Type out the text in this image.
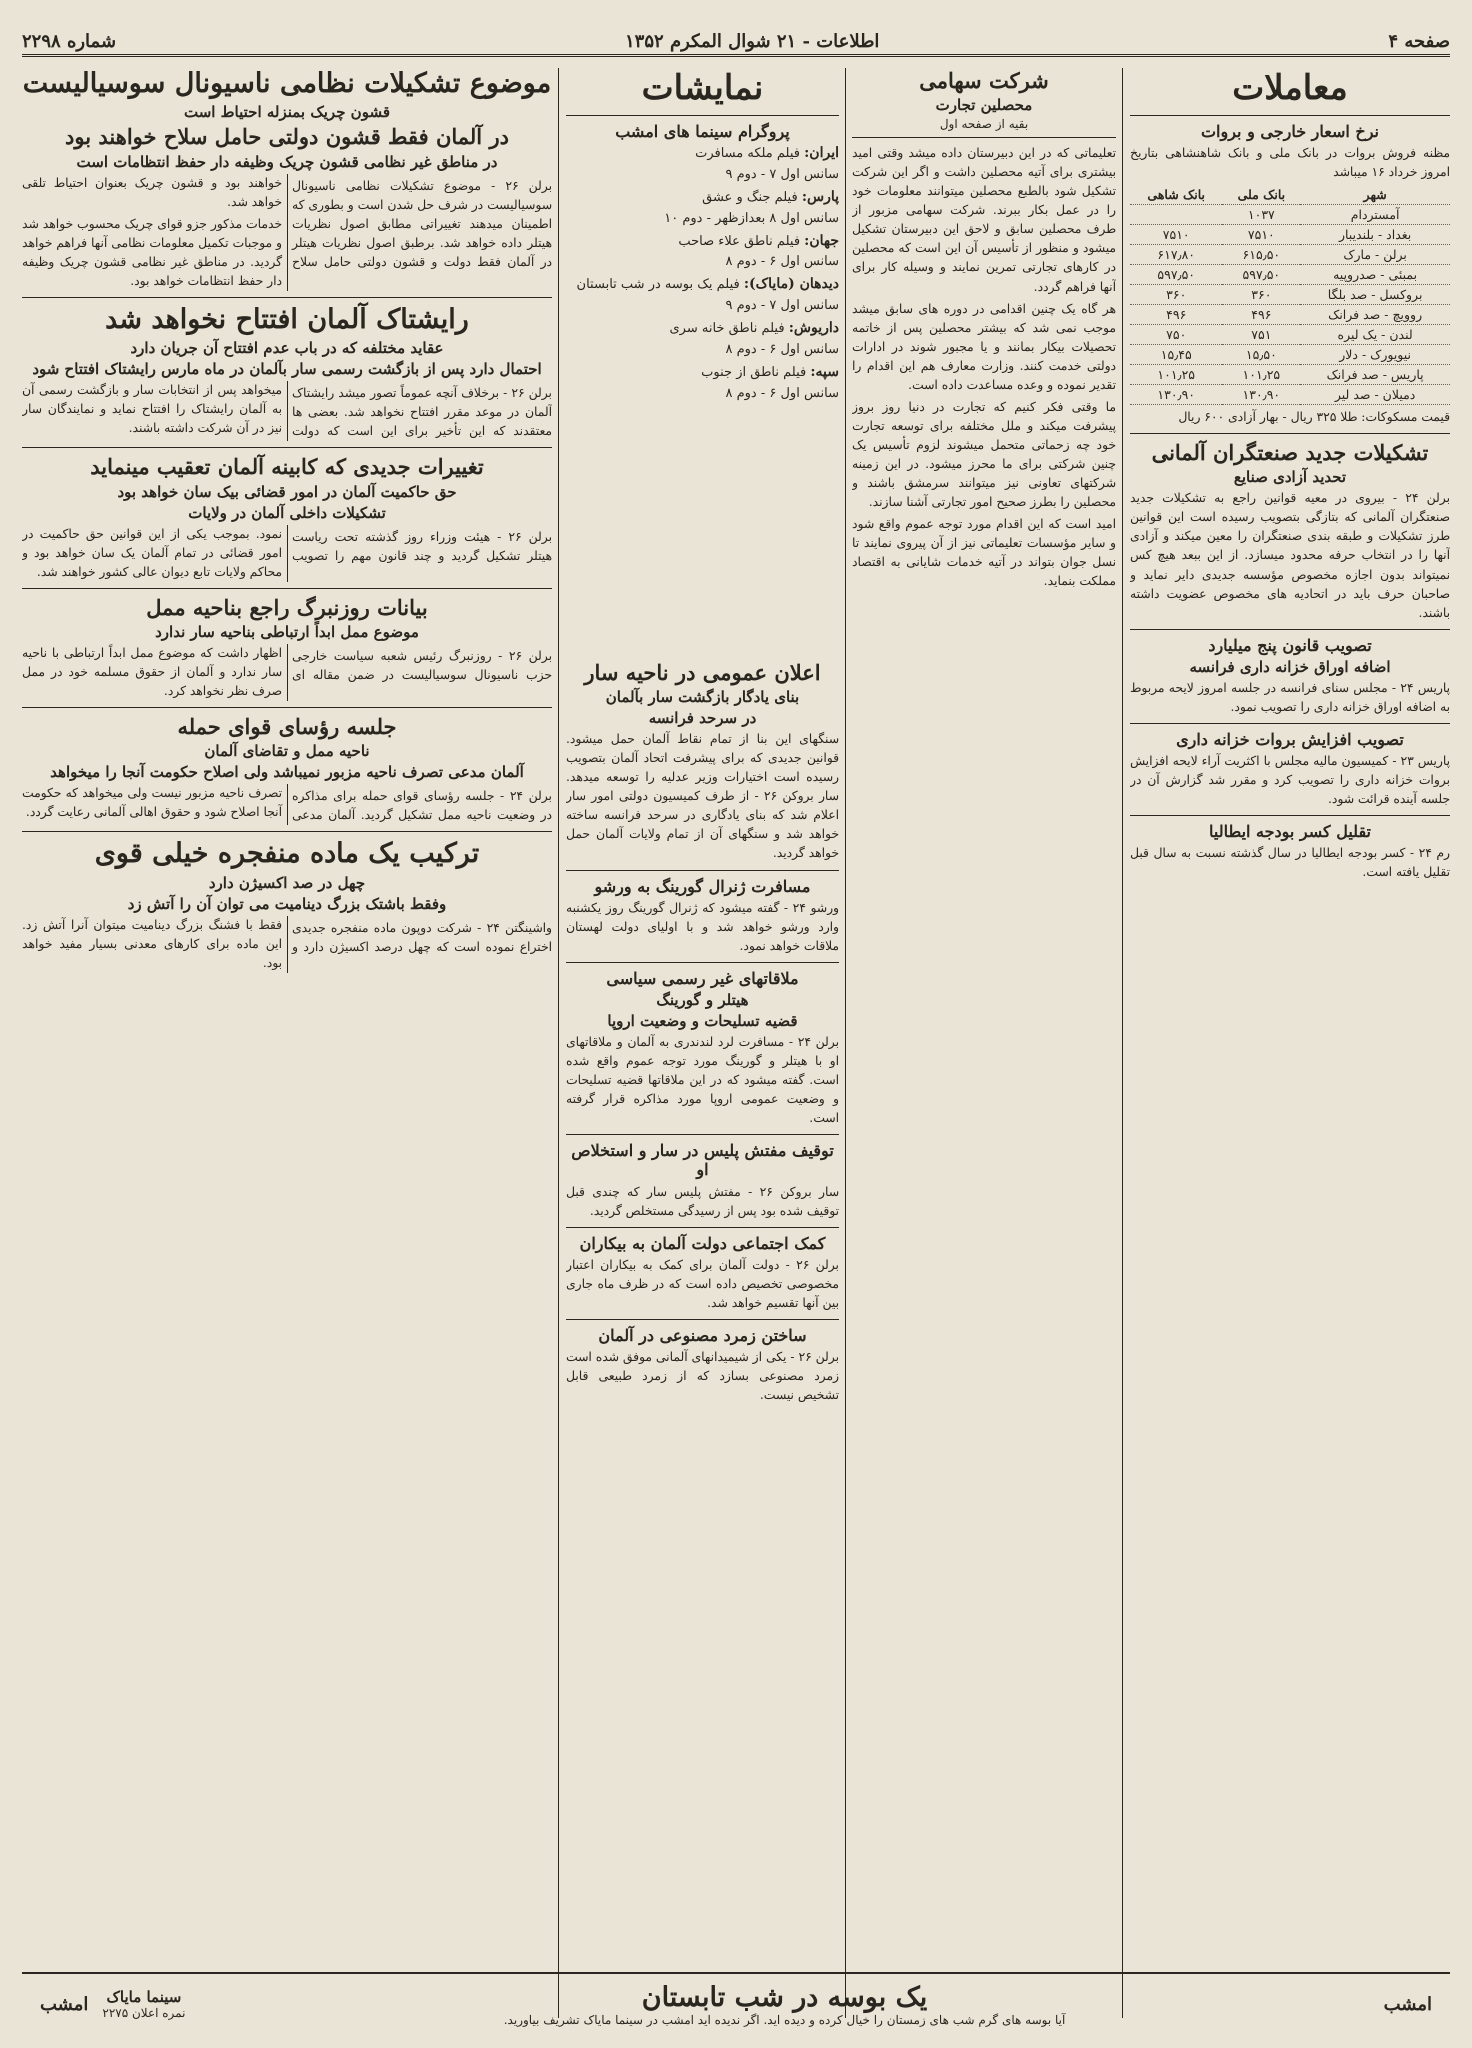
صفحه ۴
اطلاعات - ۲۱ شوال المکرم ۱۳۵۲
شماره ۲۲۹۸
معاملات
نرخ اسعار خارجی و بروات

مظنه فروش بروات در بانک ملی و بانک شاهنشاهی بتاریخ امروز خرداد ۱۶ میباشد

شهر	بانک ملی	بانک شاهی
آمستردام	۱۰۳۷	
بغداد - بلندیبار	۷۵۱۰	۷۵۱۰
برلن - مارک	۶۱۵٫۵۰	۶۱۷٫۸۰
بمبئی - صدروپیه	۵۹۷٫۵۰	۵۹۷٫۵۰
بروکسل - صد بلگا	۳۶۰	۳۶۰
روویچ - صد فرانک	۴۹۶	۴۹۶
لندن - یک لیره	۷۵۱	۷۵۰
نیویورک - دلار	۱۵٫۵۰	۱۵٫۴۵
پاریس - صد فرانک	۱۰۱٫۲۵	۱۰۱٫۲۵
دمیلان - صد لیر	۱۳۰٫۹۰	۱۳۰٫۹۰

قیمت مسکوکات: طلا ۳۲۵ ریال - بهار آزادی ۶۰۰ ریال

تشکیلات جدید صنعتگران آلمانی
تحدید آزادی صنایع

برلن ۲۴ - بیروی در معیه قوانین راجع به تشکیلات جدید صنعتگران آلمانی که بتازگی بتصویب رسیده است این قوانین طرز تشکیلات و طبقه بندی صنعتگران را معین میکند و آزادی آنها را در انتخاب حرفه محدود میسازد. از این ببعد هیچ کس نمیتواند بدون اجازه مخصوص مؤسسه جدیدی دایر نماید و صاحبان حرف باید در اتحادیه های مخصوص عضویت داشته باشند.

تصویب قانون پنج میلیارد
اضافه اوراق خزانه داری فرانسه

پاریس ۲۴ - مجلس سنای فرانسه در جلسه امروز لایحه مربوط به اضافه اوراق خزانه داری را تصویب نمود.

تصویب افزایش بروات خزانه داری

پاریس ۲۳ - کمیسیون مالیه مجلس با اکثریت آراء لایحه افزایش بروات خزانه داری را تصویب کرد و مقرر شد گزارش آن در جلسه آینده قرائت شود.

تقلیل کسر بودجه ایطالیا

رم ۲۴ - کسر بودجه ایطالیا در سال گذشته نسبت به سال قبل تقلیل یافته است.

شرکت سهامی
محصلین تجارت
بقیه از صفحه اول

تعلیماتی که در این دبیرستان داده میشد وقتی امید بیشتری برای آتیه محصلین داشت و اگر این شرکت تشکیل شود بالطبع محصلین میتوانند معلومات خود را در عمل بکار ببرند. شرکت سهامی مزبور از طرف محصلین سابق و لاحق این دبیرستان تشکیل میشود و منظور از تأسیس آن این است که محصلین در کارهای تجارتی تمرین نمایند و وسیله کار برای آنها فراهم گردد.

هر گاه یک چنین اقدامی در دوره های سابق میشد موجب نمی شد که بیشتر محصلین پس از خاتمه تحصیلات بیکار بمانند و یا مجبور شوند در ادارات دولتی خدمت کنند. وزارت معارف هم این اقدام را تقدیر نموده و وعده مساعدت داده است.

ما وقتی فکر کنیم که تجارت در دنیا روز بروز پیشرفت میکند و ملل مختلفه برای توسعه تجارت خود چه زحماتی متحمل میشوند لزوم تأسیس یک چنین شرکتی برای ما محرز میشود. در این زمینه شرکتهای تعاونی نیز میتوانند سرمشق باشند و محصلین را بطرز صحیح امور تجارتی آشنا سازند.

امید است که این اقدام مورد توجه عموم واقع شود و سایر مؤسسات تعلیماتی نیز از آن پیروی نمایند تا نسل جوان بتواند در آتیه خدمات شایانی به اقتصاد مملکت بنماید.

نمایشات
پروگرام سینما های امشب
ایران: فیلم ملکه مسافرت
سانس اول ۷ - دوم ۹
پارس: فیلم جنگ و عشق
سانس اول ۸ بعدازظهر - دوم ۱۰
جهان: فیلم ناطق علاء صاحب
سانس اول ۶ - دوم ۸
دیدهان (مایاک): فیلم یک بوسه در شب تابستان
سانس اول ۷ - دوم ۹
داریوش: فیلم ناطق خانه سری
سانس اول ۶ - دوم ۸
سپه: فیلم ناطق از جنوب
سانس اول ۶ - دوم ۸
اعلان عمومی در ناحیه سار
بنای یادگار بازگشت سار بآلمان
در سرحد فرانسه

سنگهای این بنا از تمام نقاط آلمان حمل میشود. قوانین جدیدی که برای پیشرفت اتحاد آلمان بتصویب رسیده است اختیارات وزیر عدلیه را توسعه میدهد. سار بروکن ۲۶ - از طرف کمیسیون دولتی امور سار اعلام شد که بنای یادگاری در سرحد فرانسه ساخته خواهد شد و سنگهای آن از تمام ولایات آلمان حمل خواهد گردید.

مسافرت ژنرال گورینگ به ورشو

ورشو ۲۴ - گفته میشود که ژنرال گورینگ روز یکشنبه وارد ورشو خواهد شد و با اولیای دولت لهستان ملاقات خواهد نمود.

ملاقاتهای غیر رسمی سیاسی
هیتلر و گورینگ
قضیه تسلیحات و وضعیت اروپا

برلن ۲۴ - مسافرت لرد لندندری به آلمان و ملاقاتهای او با هیتلر و گورینگ مورد توجه عموم واقع شده است. گفته میشود که در این ملاقاتها قضیه تسلیحات و وضعیت عمومی اروپا مورد مذاکره قرار گرفته است.

توقیف مفتش پلیس در سار و استخلاص او

سار بروکن ۲۶ - مفتش پلیس سار که چندی قبل توقیف شده بود پس از رسیدگی مستخلص گردید.

کمک اجتماعی دولت آلمان به بیکاران

برلن ۲۶ - دولت آلمان برای کمک به بیکاران اعتبار مخصوصی تخصیص داده است که در ظرف ماه جاری بین آنها تقسیم خواهد شد.

ساختن زمرد مصنوعی در آلمان

برلن ۲۶ - یکی از شیمیدانهای آلمانی موفق شده است زمرد مصنوعی بسازد که از زمرد طبیعی قابل تشخیص نیست.

موضوع تشکیلات نظامی ناسیونال سوسیالیست
قشون چریک بمنزله احتیاط است
در آلمان فقط قشون دولتی حامل سلاح خواهند بود
در مناطق غیر نظامی قشون چریک وظیفه دار حفظ انتظامات است

برلن ۲۶ - موضوع تشکیلات نظامی ناسیونال سوسیالیست در شرف حل شدن است و بطوری که اطمینان میدهند تغییراتی مطابق اصول نظریات هیتلر داده خواهد شد. برطبق اصول نظریات هیتلر در آلمان فقط دولت و قشون دولتی حامل سلاح خواهند بود و قشون چریک بعنوان احتیاط تلقی خواهد شد.

خدمات مذکور جزو قوای چریک محسوب خواهد شد و موجبات تکمیل معلومات نظامی آنها فراهم خواهد گردید. در مناطق غیر نظامی قشون چریک وظیفه دار حفظ انتظامات خواهد بود.

رایشتاک آلمان افتتاح نخواهد شد
عقاید مختلفه که در باب عدم افتتاح آن جریان دارد
احتمال دارد پس از بازگشت رسمی سار بآلمان در ماه مارس رایشتاک افتتاح شود

برلن ۲۶ - برخلاف آنچه عموماً تصور میشد رایشتاک آلمان در موعد مقرر افتتاح نخواهد شد. بعضی ها معتقدند که این تأخیر برای این است که دولت میخواهد پس از انتخابات سار و بازگشت رسمی آن به آلمان رایشتاک را افتتاح نماید و نمایندگان سار نیز در آن شرکت داشته باشند.

تغییرات جدیدی که کابینه آلمان تعقیب مینماید
حق حاکمیت آلمان در امور قضائی بیک سان خواهد بود
تشکیلات داخلی آلمان در ولایات

برلن ۲۶ - هیئت وزراء روز گذشته تحت ریاست هیتلر تشکیل گردید و چند قانون مهم را تصویب نمود. بموجب یکی از این قوانین حق حاکمیت در امور قضائی در تمام آلمان یک سان خواهد بود و محاکم ولایات تابع دیوان عالی کشور خواهند شد.

بیانات روزنبرگ راجع بناحیه ممل
موضوع ممل ابداً ارتباطی بناحیه سار ندارد

برلن ۲۶ - روزنبرگ رئیس شعبه سیاست خارجی حزب ناسیونال سوسیالیست در ضمن مقاله ای اظهار داشت که موضوع ممل ابداً ارتباطی با ناحیه سار ندارد و آلمان از حقوق مسلمه خود در ممل صرف نظر نخواهد کرد.

جلسه رؤسای قوای حمله
ناحیه ممل و تقاضای آلمان
آلمان مدعی تصرف ناحیه مزبور نمیباشد ولی اصلاح حکومت آنجا را میخواهد

برلن ۲۴ - جلسه رؤسای قوای حمله برای مذاکره در وضعیت ناحیه ممل تشکیل گردید. آلمان مدعی تصرف ناحیه مزبور نیست ولی میخواهد که حکومت آنجا اصلاح شود و حقوق اهالی آلمانی رعایت گردد.

ترکیب یک ماده منفجره خیلی قوی
چهل در صد اکسیژن دارد
وفقط باشتک بزرگ دینامیت می توان آن را آتش زد

واشینگتن ۲۴ - شرکت دوپون ماده منفجره جدیدی اختراع نموده است که چهل درصد اکسیژن دارد و فقط با فشنگ بزرگ دینامیت میتوان آنرا آتش زد. این ماده برای کارهای معدنی بسیار مفید خواهد بود.

امشب
یک بوسه در شب تابستان
آیا بوسه های گرم شب های زمستان را خیال کرده و دیده اید. اگر ندیده اید امشب در سینما مایاک تشریف بیاورید.
سینما مایاک
نمره اعلان ۲۲۷۵
امشب
